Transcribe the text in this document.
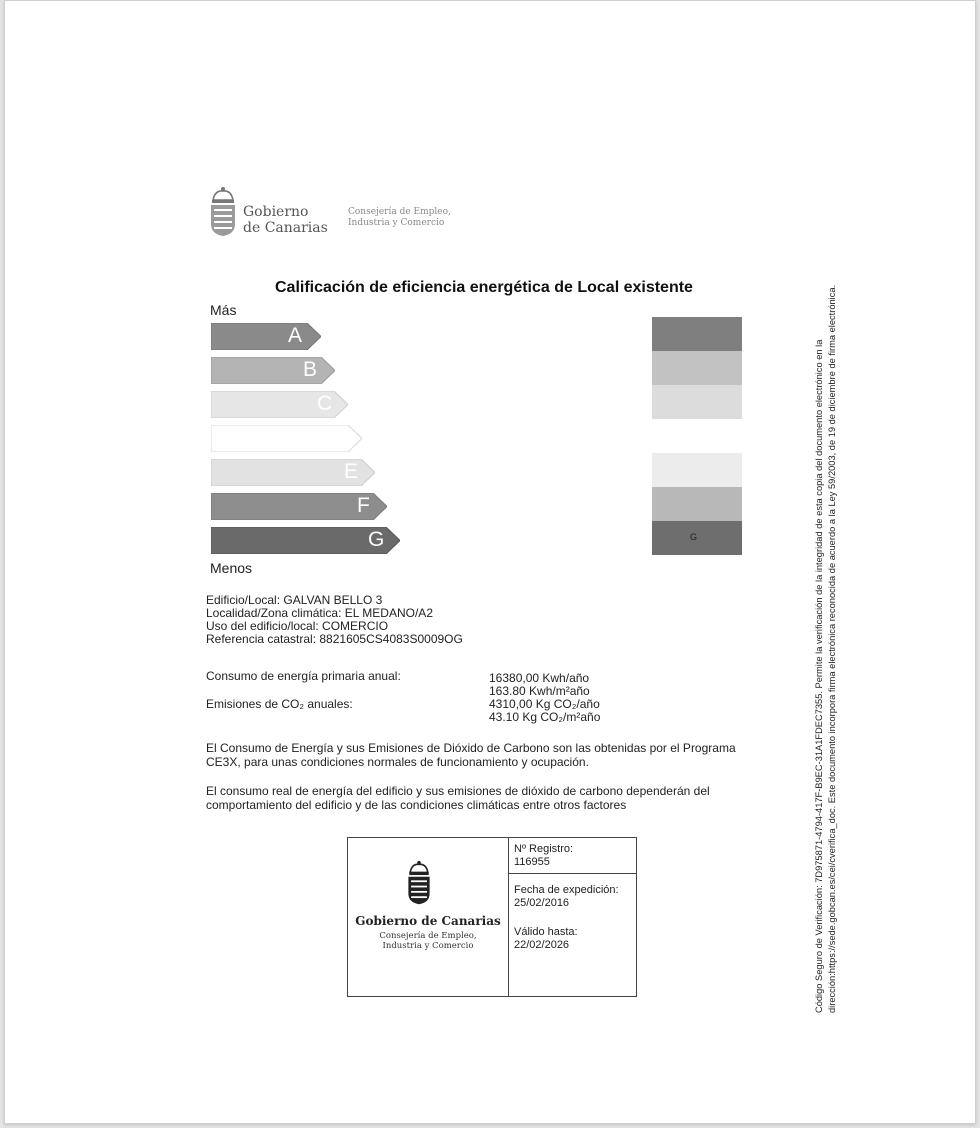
Gobierno
de Canarias
Consejería de Empleo,
Industria y Comercio
Calificación de eficiencia energética de Local existente
Más
A
B
C
E
F
G
Menos
G
Edificio/Local: GALVAN BELLO 3
Localidad/Zona climática: EL MEDANO/A2
Uso del edificio/local: COMERCIO
Referencia catastral: 8821605CS4083S0009OG
Consumo de energía primaria anual:	16380,00 Kwh/año
163.80 Kwh/m²año
Emisiones de CO₂ anuales:	4310,00 Kg CO₂/año
43.10 Kg CO₂/m²año
El Consumo de Energía y sus Emisiones de Dióxido de Carbono son las obtenidas por el Programa CE3X, para unas condiciones normales de funcionamiento y ocupación.
El consumo real de energía del edificio y sus emisiones de dióxido de carbono dependerán del comportamiento del edificio y de las condiciones climáticas entre otros factores
Gobierno de Canarias
Consejería de Empleo,
Industria y Comercio
Nº Registro:
116955
Fecha de expedición:
25/02/2016
Válido hasta:
22/02/2026	Código Seguro de Verificación: 7D975871-4794-417F-B9EC-31A1FDEC7355. Permite la verificación de la integridad de esta copia del documento electrónico en la dirección:https://sede.gobcan.es/cei/cverifica_doc. Este documento incorpora firma electrónica reconocida de acuerdo a la Ley 59/2003, de 19 de diciembre de firma electrónica.
